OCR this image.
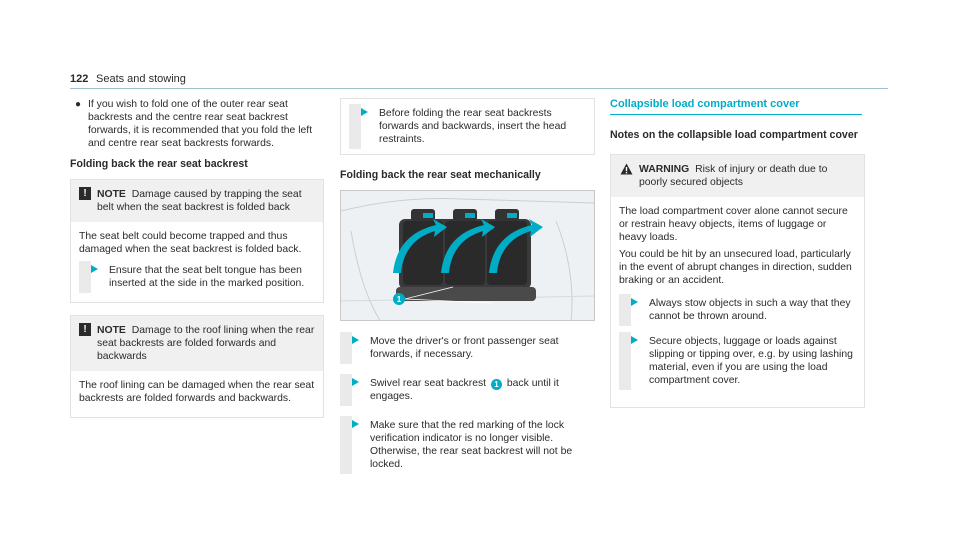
122 Seats and stowing
● If you wish to fold one of the outer rear seat backrests and the centre rear seat backrest forwards, it is recommended that you fold the left and centre rear seat backrests forwards.
Folding back the rear seat backrest
! NOTE Damage caused by trapping the seat belt when the seat backrest is folded back

The seat belt could become trapped and thus damaged when the seat backrest is folded back.

Ensure that the seat belt tongue has been inserted at the side in the marked position.
! NOTE Damage to the roof lining when the rear seat backrests are folded forwards and backwards

The roof lining can be damaged when the rear seat backrests are folded forwards and backwards.

Before folding the rear seat backrests forwards and backwards, insert the head restraints.
Folding back the rear seat mechanically
1
Move the driver's or front passenger seat forwards, if necessary.
Swivel rear seat backrest 1 back until it engages.
Make sure that the red marking of the lock verification indicator is no longer visible. Otherwise, the rear seat backrest will not be locked.
Collapsible load compartment cover
Notes on the collapsible load compartment cover
WARNING Risk of injury or death due to poorly secured objects

The load compartment cover alone cannot secure or restrain heavy objects, items of luggage or heavy loads.

You could be hit by an unsecured load, particularly in the event of abrupt changes in direction, sudden braking or an accident.

Always stow objects in such a way that they cannot be thrown around.
Secure objects, luggage or loads against slipping or tipping over, e.g. by using lashing material, even if you are using the load compartment cover.
